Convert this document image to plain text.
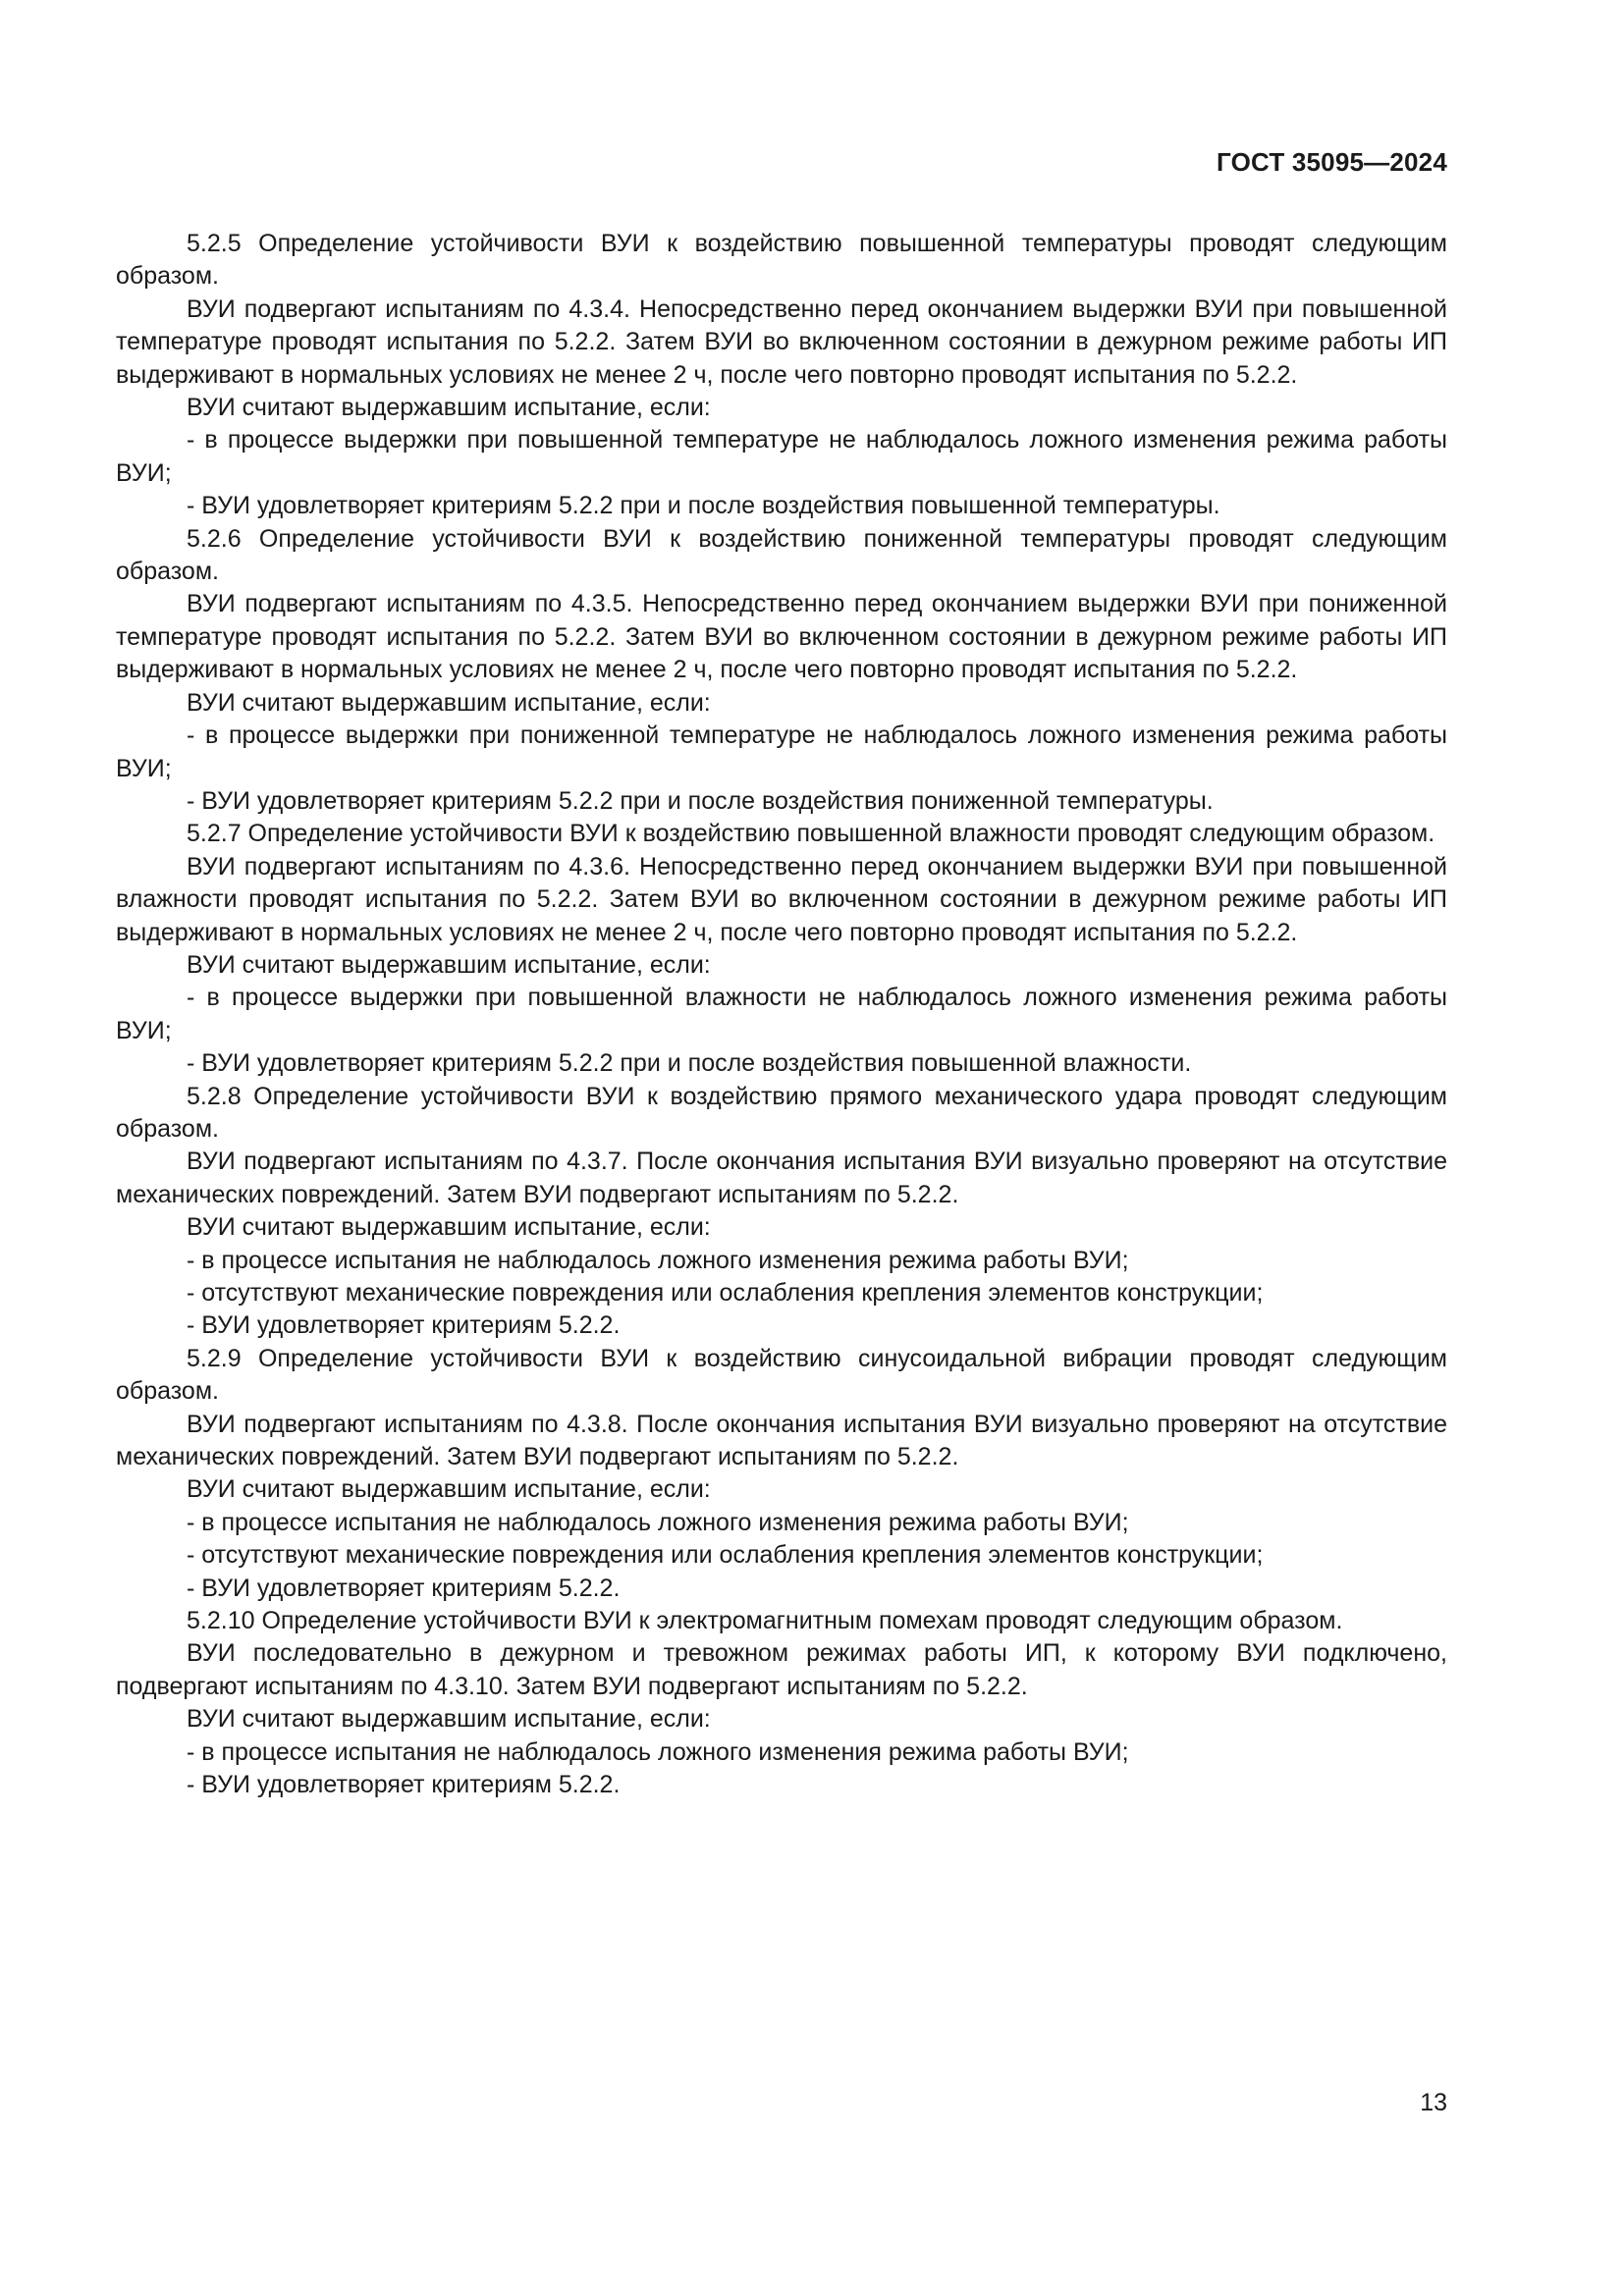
ГОСТ 35095—2024

5.2.5 Определение устойчивости ВУИ к воздействию повышенной температуры проводят следующим образом.

ВУИ подвергают испытаниям по 4.3.4. Непосредственно перед окончанием выдержки ВУИ при повышенной температуре проводят испытания по 5.2.2. Затем ВУИ во включенном состоянии в дежурном режиме работы ИП выдерживают в нормальных условиях не менее 2 ч, после чего повторно проводят испытания по 5.2.2.

ВУИ считают выдержавшим испытание, если:

- в процессе выдержки при повышенной температуре не наблюдалось ложного изменения режима работы ВУИ;

- ВУИ удовлетворяет критериям 5.2.2 при и после воздействия повышенной температуры.

5.2.6 Определение устойчивости ВУИ к воздействию пониженной температуры проводят следующим образом.

ВУИ подвергают испытаниям по 4.3.5. Непосредственно перед окончанием выдержки ВУИ при пониженной температуре проводят испытания по 5.2.2. Затем ВУИ во включенном состоянии в дежурном режиме работы ИП выдерживают в нормальных условиях не менее 2 ч, после чего повторно проводят испытания по 5.2.2.

ВУИ считают выдержавшим испытание, если:

- в процессе выдержки при пониженной температуре не наблюдалось ложного изменения режима работы ВУИ;

- ВУИ удовлетворяет критериям 5.2.2 при и после воздействия пониженной температуры.

5.2.7 Определение устойчивости ВУИ к воздействию повышенной влажности проводят следующим образом.

ВУИ подвергают испытаниям по 4.3.6. Непосредственно перед окончанием выдержки ВУИ при повышенной влажности проводят испытания по 5.2.2. Затем ВУИ во включенном состоянии в дежурном режиме работы ИП выдерживают в нормальных условиях не менее 2 ч, после чего повторно проводят испытания по 5.2.2.

ВУИ считают выдержавшим испытание, если:

- в процессе выдержки при повышенной влажности не наблюдалось ложного изменения режима работы ВУИ;

- ВУИ удовлетворяет критериям 5.2.2 при и после воздействия повышенной влажности.

5.2.8 Определение устойчивости ВУИ к воздействию прямого механического удара проводят следующим образом.

ВУИ подвергают испытаниям по 4.3.7. После окончания испытания ВУИ визуально проверяют на отсутствие механических повреждений. Затем ВУИ подвергают испытаниям по 5.2.2.

ВУИ считают выдержавшим испытание, если:

- в процессе испытания не наблюдалось ложного изменения режима работы ВУИ;

- отсутствуют механические повреждения или ослабления крепления элементов конструкции;

- ВУИ удовлетворяет критериям 5.2.2.

5.2.9 Определение устойчивости ВУИ к воздействию синусоидальной вибрации проводят следующим образом.

ВУИ подвергают испытаниям по 4.3.8. После окончания испытания ВУИ визуально проверяют на отсутствие механических повреждений. Затем ВУИ подвергают испытаниям по 5.2.2.

ВУИ считают выдержавшим испытание, если:

- в процессе испытания не наблюдалось ложного изменения режима работы ВУИ;

- отсутствуют механические повреждения или ослабления крепления элементов конструкции;

- ВУИ удовлетворяет критериям 5.2.2.

5.2.10 Определение устойчивости ВУИ к электромагнитным помехам проводят следующим образом.

ВУИ последовательно в дежурном и тревожном режимах работы ИП, к которому ВУИ подключено, подвергают испытаниям по 4.3.10. Затем ВУИ подвергают испытаниям по 5.2.2.

ВУИ считают выдержавшим испытание, если:

- в процессе испытания не наблюдалось ложного изменения режима работы ВУИ;

- ВУИ удовлетворяет критериям 5.2.2.

13
